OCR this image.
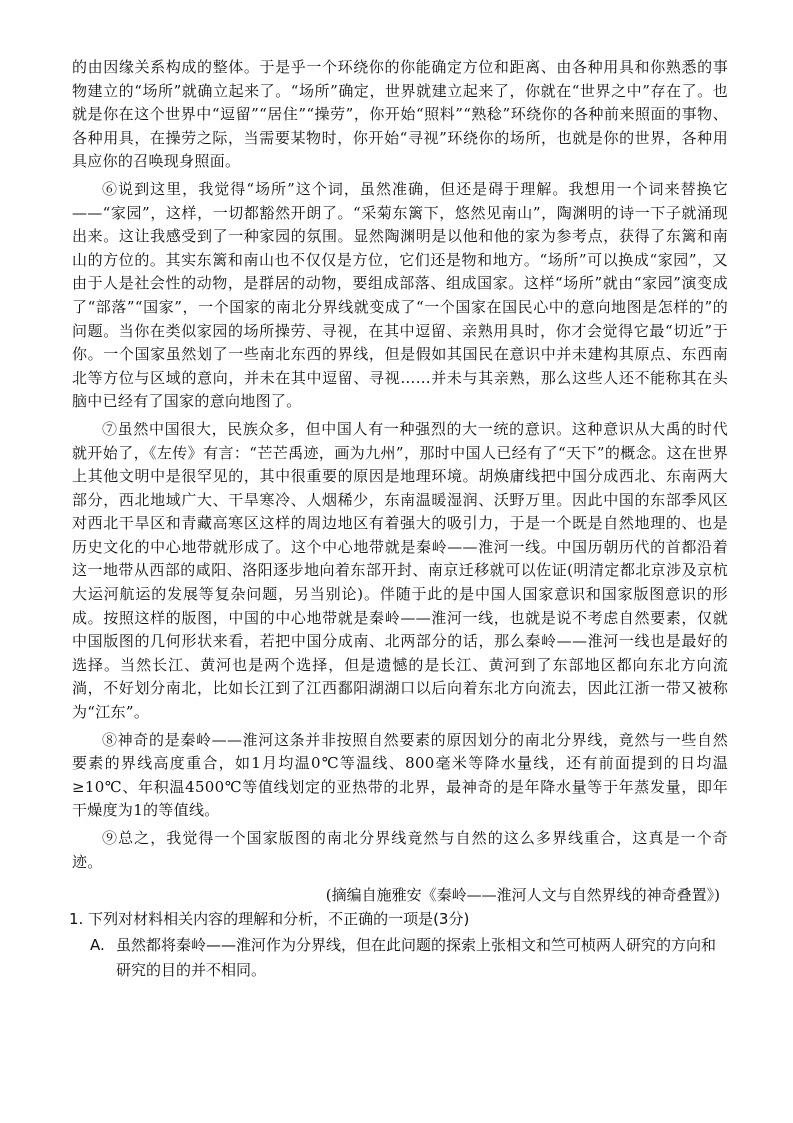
的由因缘关系构成的整体。于是乎一个环绕你的你能确定方位和距离、由各种用具和你熟悉的事物建立的“场所”就确立起来了。“场所”确定，世界就建立起来了，你就在“世界之中”存在了。也就是你在这个世界中“逗留”“居住”“操劳”，你开始“照料”“熟稔”环绕你的各种前来照面的事物、各种用具，在操劳之际，当需要某物时，你开始“寻视”环绕你的场所，也就是你的世界，各种用具应你的召唤现身照面。

⑥说到这里，我觉得“场所”这个词，虽然准确，但还是碍于理解。我想用一个词来替换它——“家园”，这样，一切都豁然开朗了。“采菊东篱下，悠然见南山”，陶渊明的诗一下子就涌现出来。这让我感受到了一种家园的氛围。显然陶渊明是以他和他的家为参考点，获得了东篱和南山的方位的。其实东篱和南山也不仅仅是方位，它们还是物和地方。“场所”可以换成“家园”，又由于人是社会性的动物，是群居的动物，要组成部落、组成国家。这样“场所”就由“家园”演变成了“部落”“国家”，一个国家的南北分界线就变成了“一个国家在国民心中的意向地图是怎样的”的问题。当你在类似家园的场所操劳、寻视，在其中逗留、亲熟用具时，你才会觉得它最“切近”于你。一个国家虽然划了一些南北东西的界线，但是假如其国民在意识中并未建构其原点、东西南北等方位与区域的意向，并未在其中逗留、寻视……并未与其亲熟，那么这些人还不能称其在头脑中已经有了国家的意向地图了。

⑦虽然中国很大，民族众多，但中国人有一种强烈的大一统的意识。这种意识从大禹的时代就开始了，《左传》有言：“芒芒禹迹，画为九州”，那时中国人已经有了“天下”的概念。这在世界上其他文明中是很罕见的，其中很重要的原因是地理环境。胡焕庸线把中国分成西北、东南两大部分，西北地域广大、干旱寒冷、人烟稀少，东南温暖湿润、沃野万里。因此中国的东部季风区对西北干旱区和青藏高寒区这样的周边地区有着强大的吸引力，于是一个既是自然地理的、也是历史文化的中心地带就形成了。这个中心地带就是秦岭——淮河一线。中国历朝历代的首都沿着这一地带从西部的咸阳、洛阳逐步地向着东部开封、南京迁移就可以佐证(明清定都北京涉及京杭大运河航运的发展等复杂问题，另当别论)。伴随于此的是中国人国家意识和国家版图意识的形成。按照这样的版图，中国的中心地带就是秦岭——淮河一线，也就是说不考虑自然要素，仅就中国版图的几何形状来看，若把中国分成南、北两部分的话，那么秦岭——淮河一线也是最好的选择。当然长江、黄河也是两个选择，但是遗憾的是长江、黄河到了东部地区都向东北方向流淌，不好划分南北，比如长江到了江西鄱阳湖湖口以后向着东北方向流去，因此江浙一带又被称为“江东”。

⑧神奇的是秦岭——淮河这条并非按照自然要素的原因划分的南北分界线，竟然与一些自然要素的界线高度重合，如1月均温0℃等温线、800毫米等降水量线，还有前面提到的日均温≥10℃、年积温4500℃等值线划定的亚热带的北界，最神奇的是年降水量等于年蒸发量，即年干燥度为1的等值线。

⑨总之，我觉得一个国家版图的南北分界线竟然与自然的这么多界线重合，这真是一个奇迹。

(摘编自施雅安《秦岭——淮河人文与自然界线的神奇叠置》)

1. 下列对材料相关内容的理解和分析，不正确的一项是(3分)

A. 虽然都将秦岭——淮河作为分界线，但在此问题的探索上张相文和竺可桢两人研究的方向和研究的目的并不相同。
